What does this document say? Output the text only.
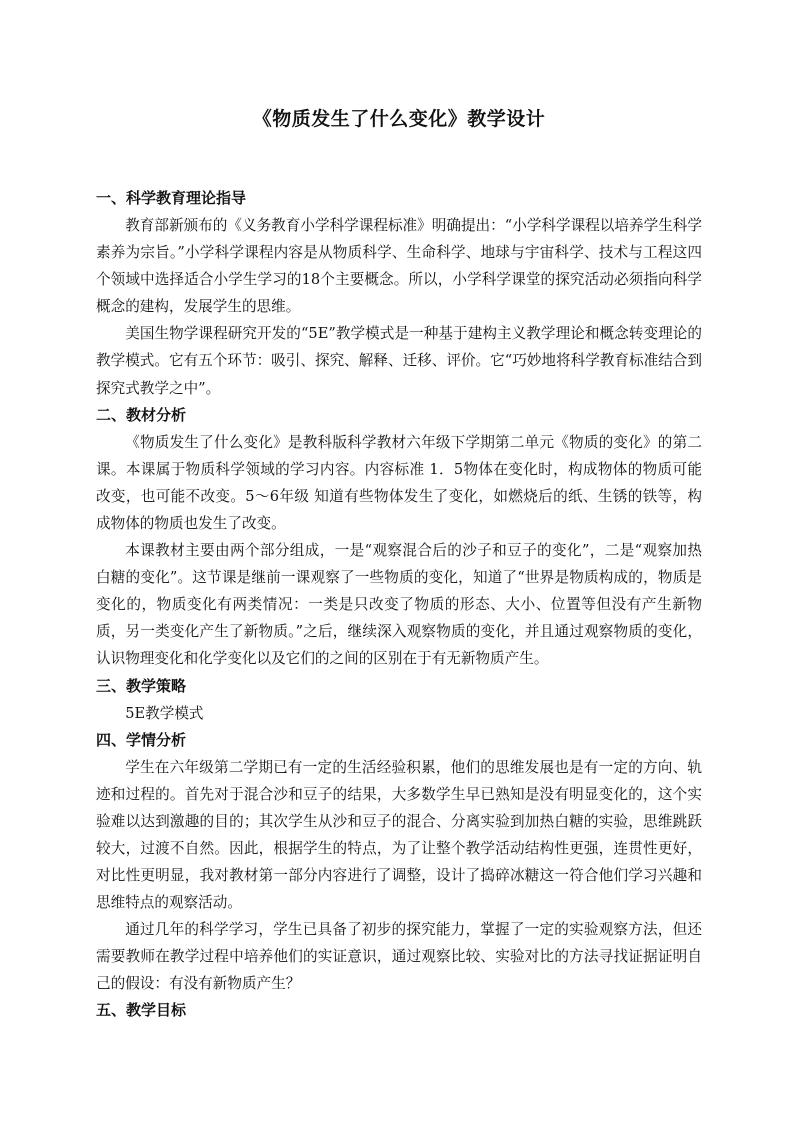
《物质发生了什么变化》教学设计

一、科学教育理论指导

教育部新颁布的《义务教育小学科学课程标准》明确提出：“小学科学课程以培养学生科学素养为宗旨。”小学科学课程内容是从物质科学、生命科学、地球与宇宙科学、技术与工程这四个领域中选择适合小学生学习的18个主要概念。所以，小学科学课堂的探究活动必须指向科学概念的建构，发展学生的思维。

美国生物学课程研究开发的“5E”教学模式是一种基于建构主义教学理论和概念转变理论的教学模式。它有五个环节：吸引、探究、解释、迁移、评价。它“巧妙地将科学教育标准结合到探究式教学之中”。

二、教材分析

《物质发生了什么变化》是教科版科学教材六年级下学期第二单元《物质的变化》的第二课。本课属于物质科学领域的学习内容。内容标准 1．5物体在变化时，构成物体的物质可能改变，也可能不改变。5～6年级 知道有些物体发生了变化，如燃烧后的纸、生锈的铁等，构成物体的物质也发生了改变。

本课教材主要由两个部分组成，一是“观察混合后的沙子和豆子的变化”，二是“观察加热白糖的变化”。这节课是继前一课观察了一些物质的变化，知道了“世界是物质构成的，物质是变化的，物质变化有两类情况：一类是只改变了物质的形态、大小、位置等但没有产生新物质，另一类变化产生了新物质。”之后，继续深入观察物质的变化，并且通过观察物质的变化，认识物理变化和化学变化以及它们的之间的区别在于有无新物质产生。

三、教学策略

5E教学模式

四、学情分析

学生在六年级第二学期已有一定的生活经验积累，他们的思维发展也是有一定的方向、轨迹和过程的。首先对于混合沙和豆子的结果，大多数学生早已熟知是没有明显变化的，这个实验难以达到激趣的目的；其次学生从沙和豆子的混合、分离实验到加热白糖的实验，思维跳跃较大，过渡不自然。因此，根据学生的特点，为了让整个教学活动结构性更强，连贯性更好，对比性更明显，我对教材第一部分内容进行了调整，设计了捣碎冰糖这一符合他们学习兴趣和思维特点的观察活动。

通过几年的科学学习，学生已具备了初步的探究能力，掌握了一定的实验观察方法，但还需要教师在教学过程中培养他们的实证意识，通过观察比较、实验对比的方法寻找证据证明自己的假设：有没有新物质产生？

五、教学目标
